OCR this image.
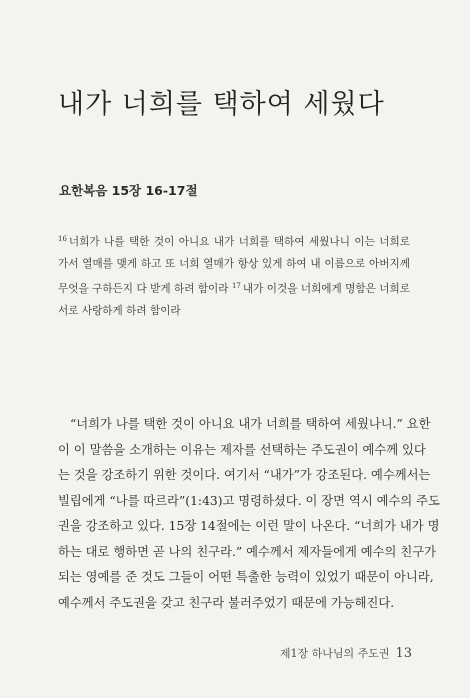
내가 너희를 택하여 세웠다
요한복음 15장 16-17절

$^{16}$ 너희가 나를 택한 것이 아니요 내가 너희를 택하여 세웠나니 이는 너희로 가서 열매를 맺게 하고 또 너희 열매가 항상 있게 하여 내 이름으로 아버지께 무엇을 구하든지 다 받게 하려 함이라 $^{17}$ 내가 이것을 너희에게 명함은 너희로 서로 사랑하게 하려 함이라

“너희가 나를 택한 것이 아니요 내가 너희를 택하여 세웠나니.” 요한
이 이 말씀을 소개하는 이유는 제자를 선택하는 주도권이 예수께 있다
는 것을 강조하기 위한 것이다. 여기서 “내가”가 강조된다. 예수께서는
빌립에게 “나를 따르라”(1:43)고 명령하셨다. 이 장면 역시 예수의 주도
권을 강조하고 있다. 15장 14절에는 이런 말이 나온다. “너희가 내가 명
하는 대로 행하면 곧 나의 친구라.” 예수께서 제자들에게 예수의 친구가
되는 영예를 준 것도 그들이 어떤 특출한 능력이 있었기 때문이 아니라,
예수께서 주도권을 갖고 친구라 불러주었기 때문에 가능해진다.
제1장 하나님의 주도권 13
